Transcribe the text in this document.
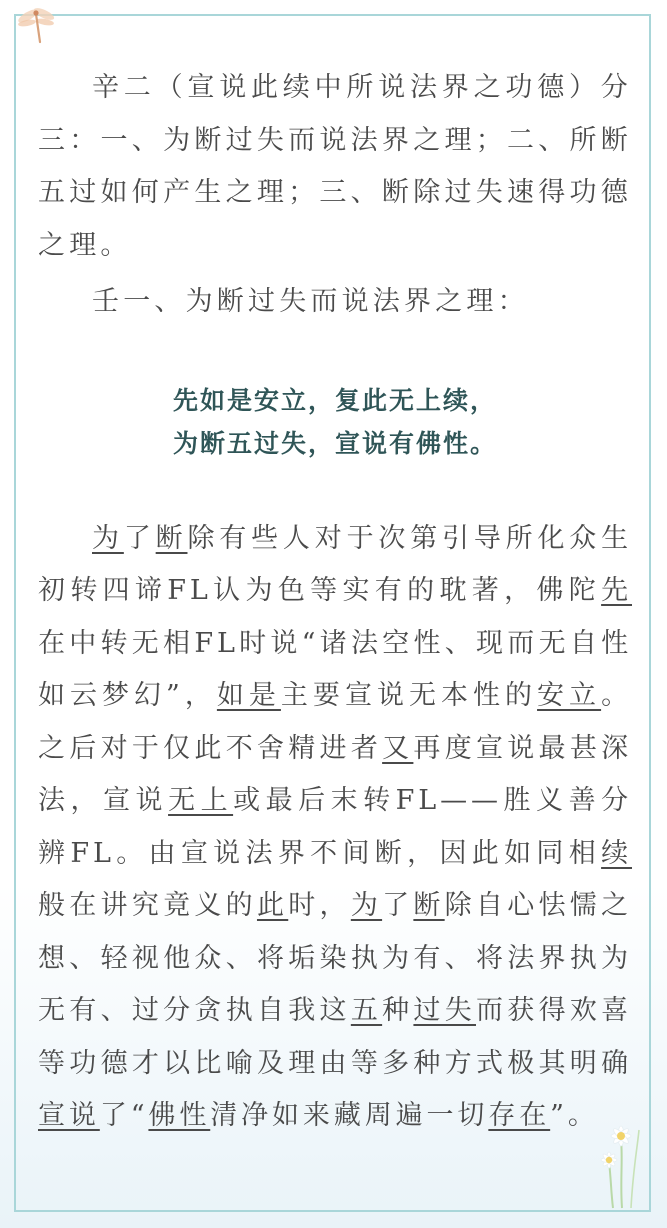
辛二（宣说此续中所说法界之功德）分三：一、为断过失而说法界之理；二、所断五过如何产生之理；三、断除过失速得功德之理。

壬一、为断过失而说法界之理：

先如是安立，复此无上续，
为断五过失，宣说有佛性。

为了断除有些人对于次第引导所化众生初转四谛FL认为色等实有的耽著，佛陀先在中转无相FL时说“诸法空性、现而无自性如云梦幻”，如是主要宣说无本性的安立。之后对于仅此不舍精进者又再度宣说最甚深法，宣说无上或最后末转FL——胜义善分辨FL。由宣说法界不间断，因此如同相续般在讲究竟义的此时，为了断除自心怯懦之想、轻视他众、将垢染执为有、将法界执为无有、过分贪执自我这五种过失而获得欢喜等功德才以比喻及理由等多种方式极其明确宣说了“佛性清净如来藏周遍一切存在”。
